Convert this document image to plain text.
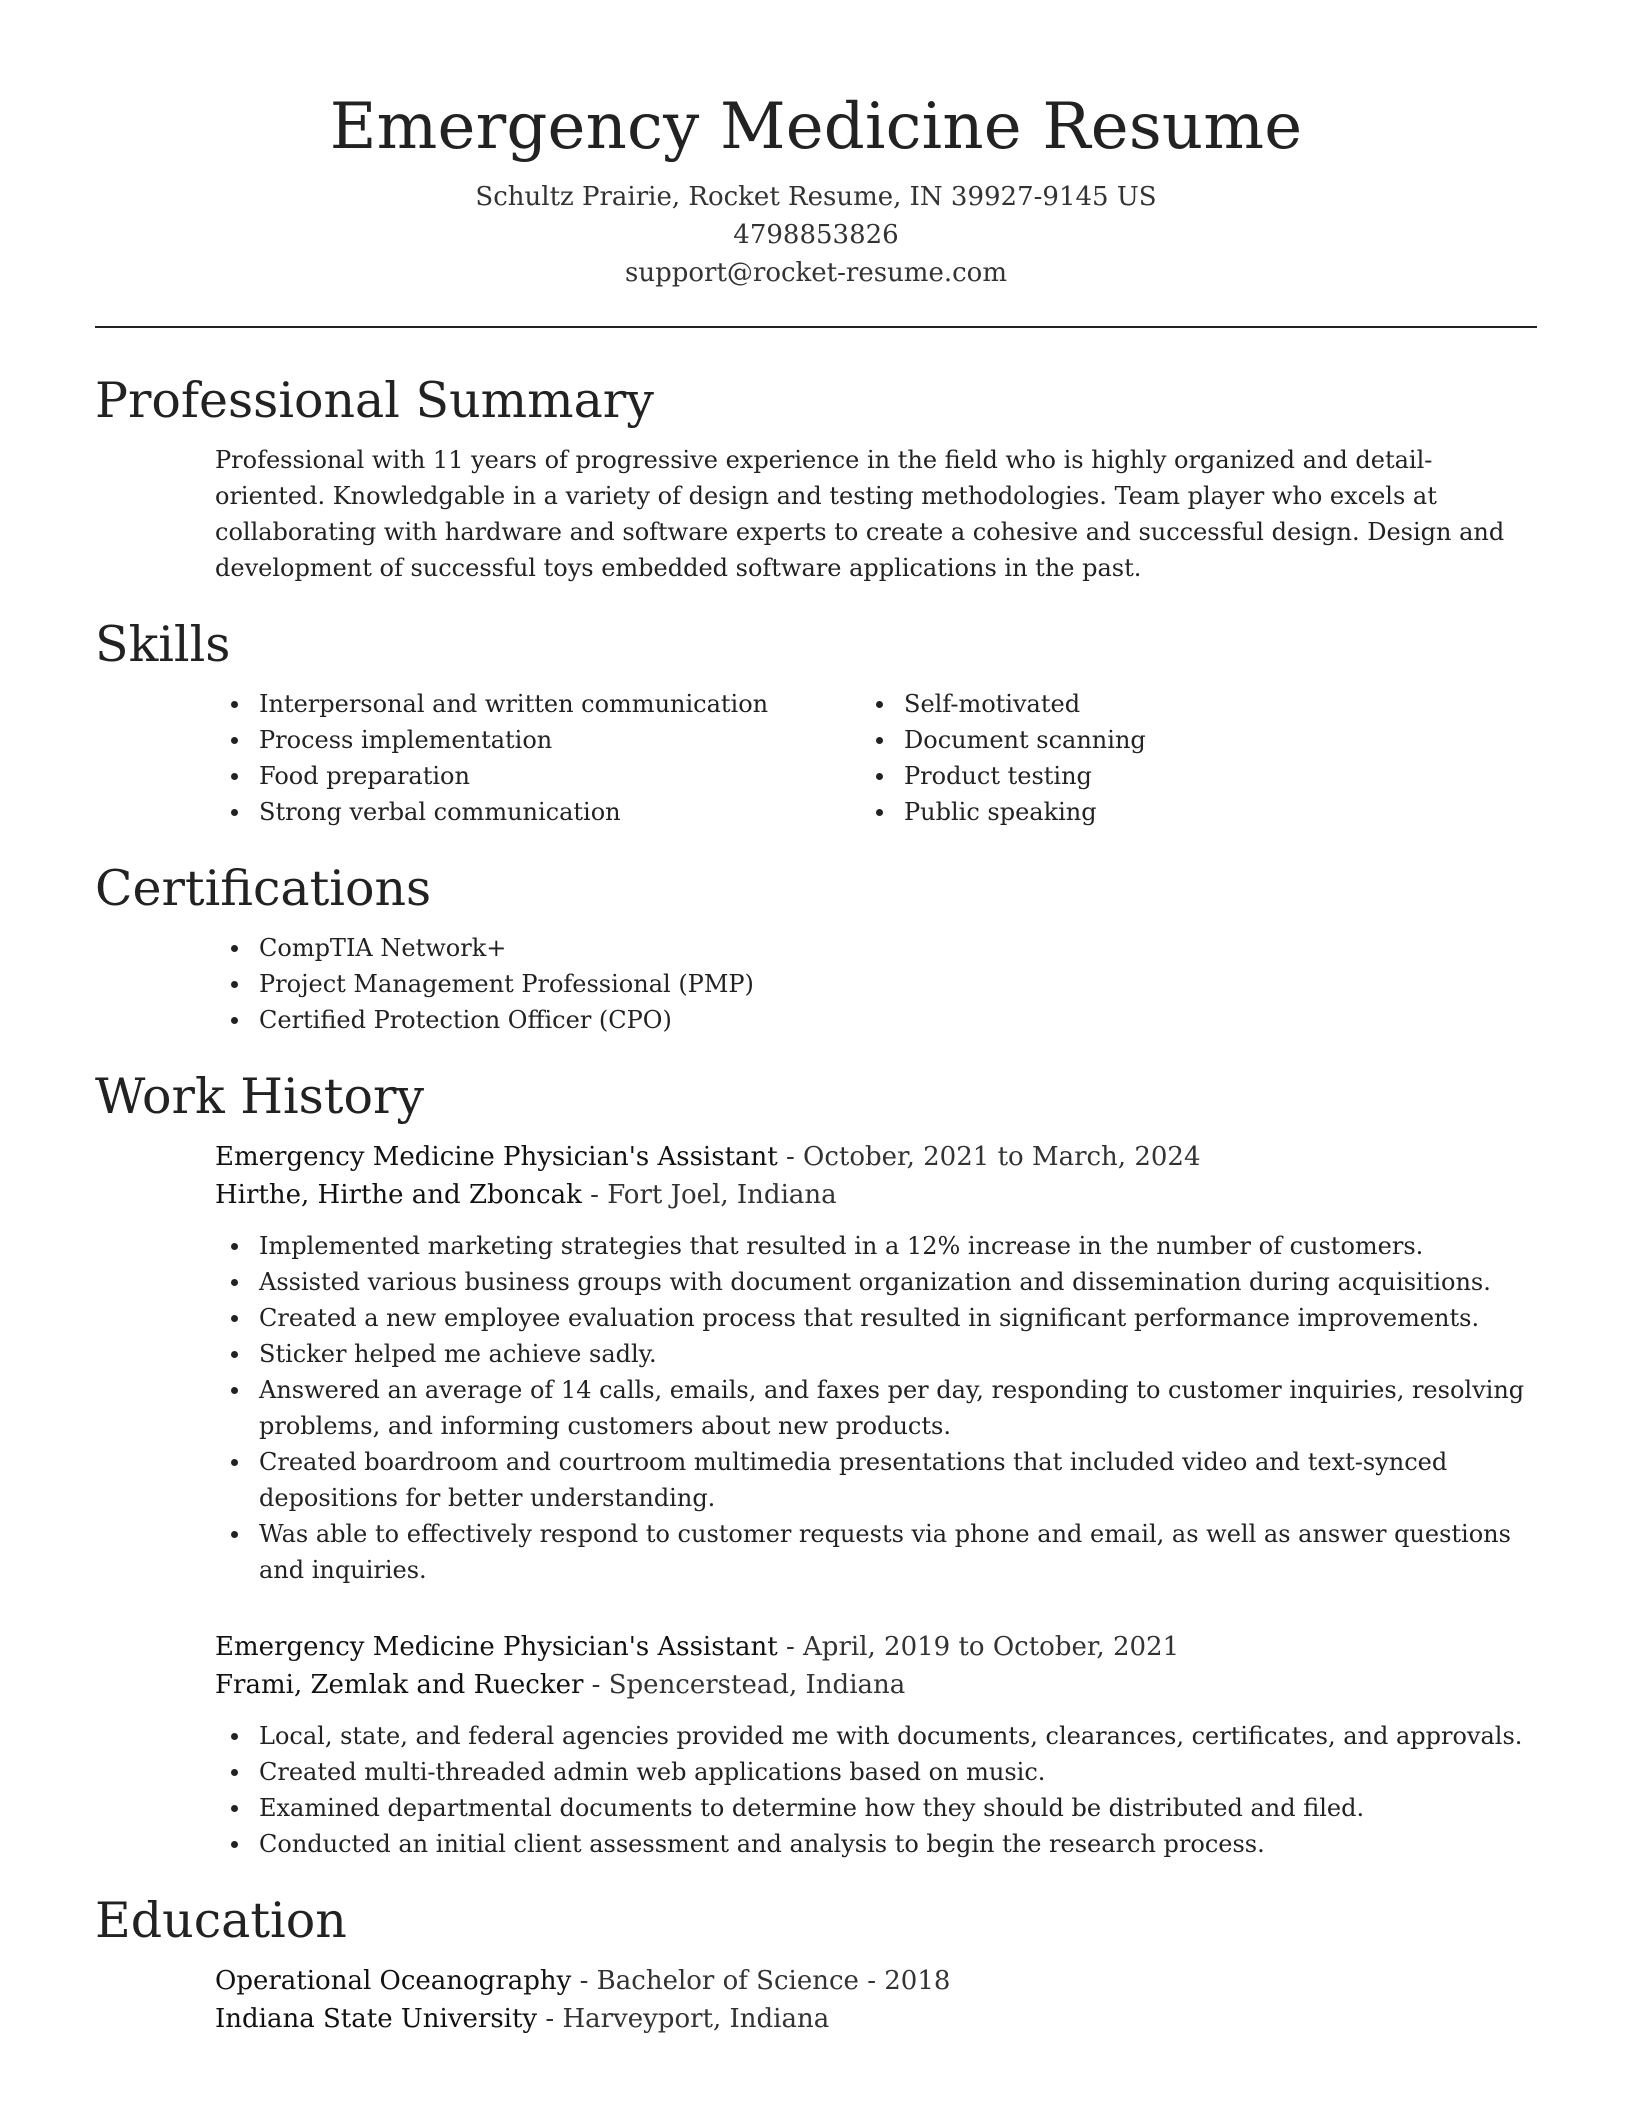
Emergency Medicine Resume
Schultz Prairie, Rocket Resume, IN 39927-9145 US
4798853826
support@rocket-resume.com
Professional Summary

Professional with 11 years of progressive experience in the field who is highly organized and detail-oriented. Knowledgable in a variety of design and testing methodologies. Team player who excels at collaborating with hardware and software experts to create a cohesive and successful design. Design and development of successful toys embedded software applications in the past.

Skills
Interpersonal and written communication
Process implementation
Food preparation
Strong verbal communication
Self-motivated
Document scanning
Product testing
Public speaking
Certifications
CompTIA Network+
Project Management Professional (PMP)
Certified Protection Officer (CPO)
Work History
Emergency Medicine Physician's Assistant - October, 2021 to March, 2024
Hirthe, Hirthe and Zboncak - Fort Joel, Indiana
Implemented marketing strategies that resulted in a 12% increase in the number of customers.
Assisted various business groups with document organization and dissemination during acquisitions.
Created a new employee evaluation process that resulted in significant performance improvements.
Sticker helped me achieve sadly.
Answered an average of 14 calls, emails, and faxes per day, responding to customer inquiries, resolving problems, and informing customers about new products.
Created boardroom and courtroom multimedia presentations that included video and text-synced depositions for better understanding.
Was able to effectively respond to customer requests via phone and email, as well as answer questions and inquiries.
Emergency Medicine Physician's Assistant - April, 2019 to October, 2021
Frami, Zemlak and Ruecker - Spencerstead, Indiana
Local, state, and federal agencies provided me with documents, clearances, certificates, and approvals.
Created multi-threaded admin web applications based on music.
Examined departmental documents to determine how they should be distributed and filed.
Conducted an initial client assessment and analysis to begin the research process.
Education
Operational Oceanography - Bachelor of Science - 2018
Indiana State University - Harveyport, Indiana
